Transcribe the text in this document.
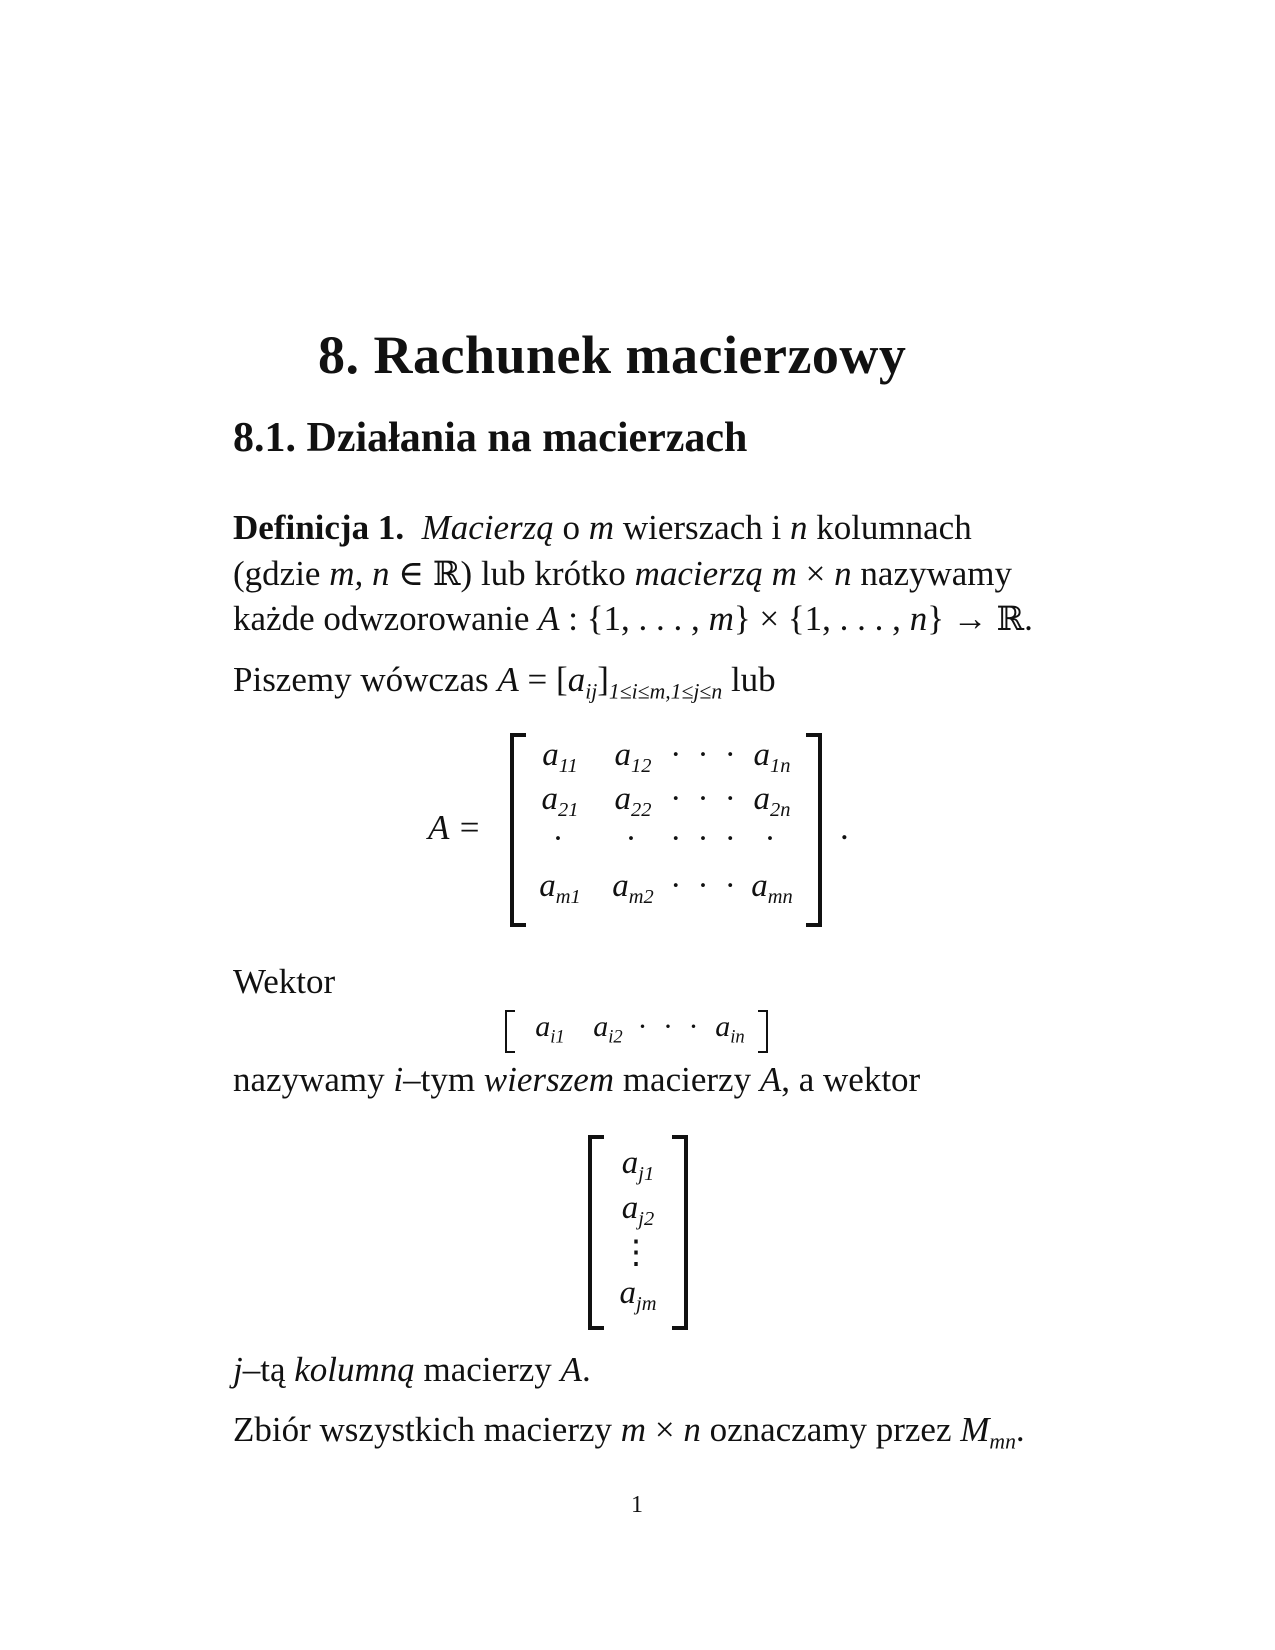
8. Rachunek macierzowy
8.1. Działania na macierzach
Definicja 1. Macierzą o m wierszach i n kolumnach
(gdzie m, n ∈ ℝ) lub krótko macierzą m × n nazywamy
każde odwzorowanie A : {1, . . . , m} × {1, . . . , n} → ℝ.
Piszemy wówczas $A = [a_{ij}]_{1\le i\le m,1\le j\le n}$ lub
A =
$a_{11}$ $a_{12}$ · · · $a_{1n}$
$a_{21}$ $a_{22}$ · · · $a_{2n}$
· · · · · ·
$a_{m1}$ $a_{m2}$ · · · $a_{mn}$
.
Wektor
$a_{i1}$ $a_{i2}$ · · · $a_{in}$
nazywamy i–tym wierszem macierzy A, a wektor
$a_{j1}$
$a_{j2}$
⋮
$a_{jm}$
j–tą kolumną macierzy A.
Zbiór wszystkich macierzy m × n oznaczamy przez $M_{mn}$.
1
